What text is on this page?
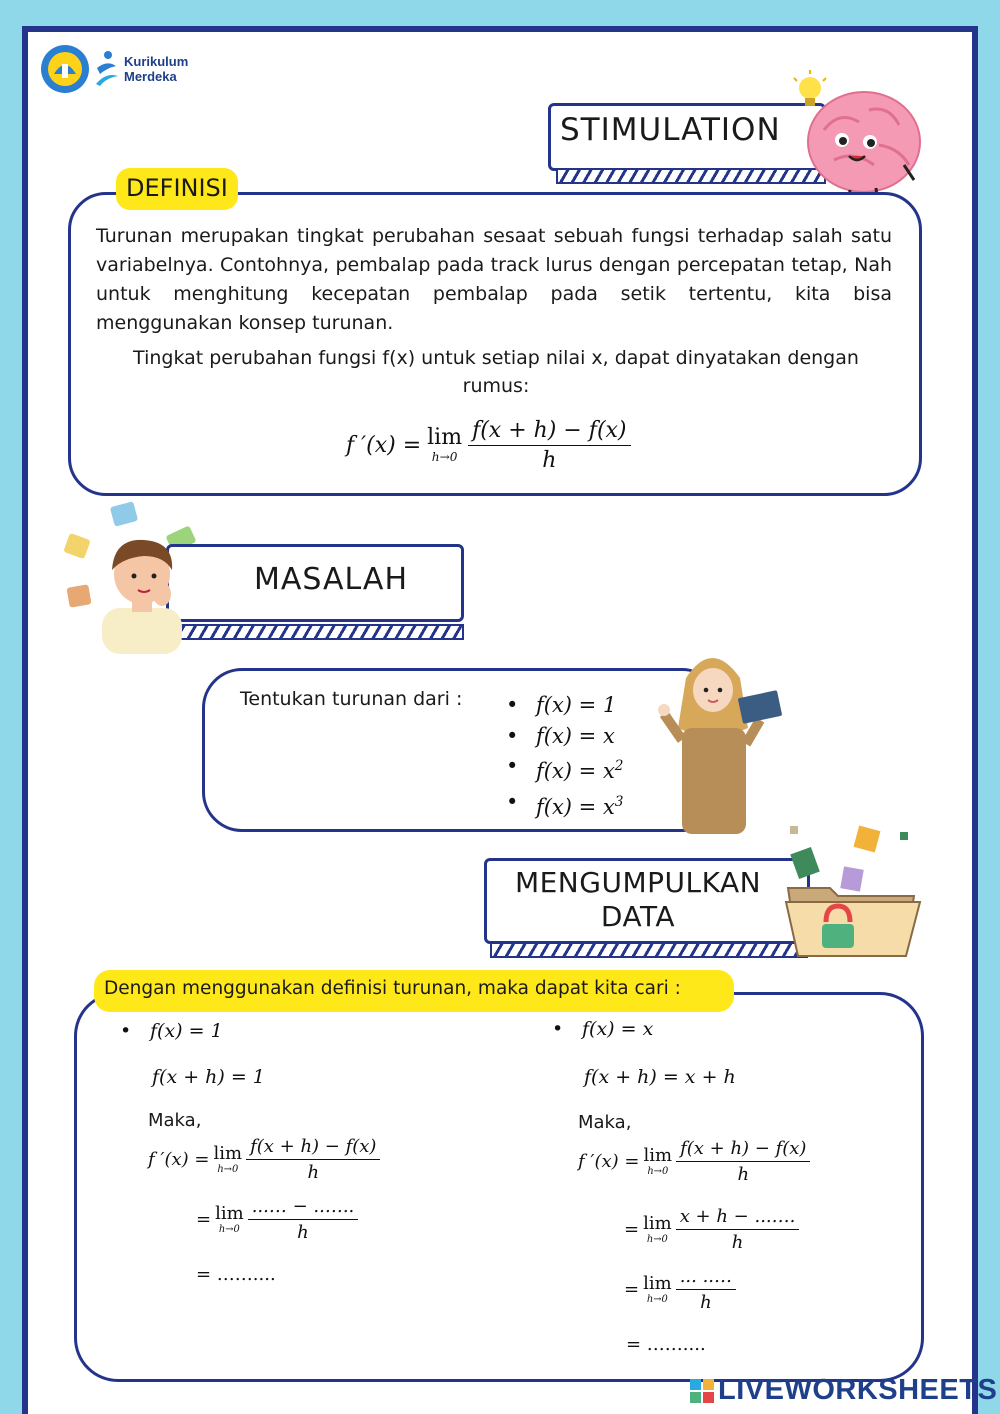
Kurikulum
Merdeka
STIMULATION
DEFINISI

Turunan merupakan tingkat perubahan sesaat sebuah fungsi terhadap salah satu variabelnya. Contohnya, pembalap pada track lurus dengan percepatan tetap, Nah untuk menghitung kecepatan pembalap pada setik tertentu, kita bisa menggunakan konsep turunan.

Tingkat perubahan fungsi f(x) untuk setiap nilai x, dapat dinyatakan dengan rumus:

f ′(x) = lim
$h\to 0 \frac{f(x + h) - f(x)}{h}$
MASALAH
Tentukan turunan dari :
•	f(x) = 1
• f(x) = x
• $f(x) = x^2$
• $f(x) = x^3$
MENGUMPULKAN
DATA
Dengan menggunakan definisi turunan, maka dapat kita cari :
• f(x) = 1
f(x + h) = 1
Maka,
f ′(x) = lim
$h\to 0 \frac{f(x + h) - f(x)}{h}$
= lim
$h\to 0 \frac{...\dots - ..\dots..}{h}$
= ……....
• f(x) = x
f(x + h) = x + h
Maka,
f ′(x) = lim
$h\to 0 \frac{f(x + h) - f(x)}{h}$
= lim
$h\to 0 \frac{x + h - ...\dots.}{h}$
= lim
$h\to 0 \frac{... ..\dots}{h}$
= ……....
LIVEWORKSHEETS
